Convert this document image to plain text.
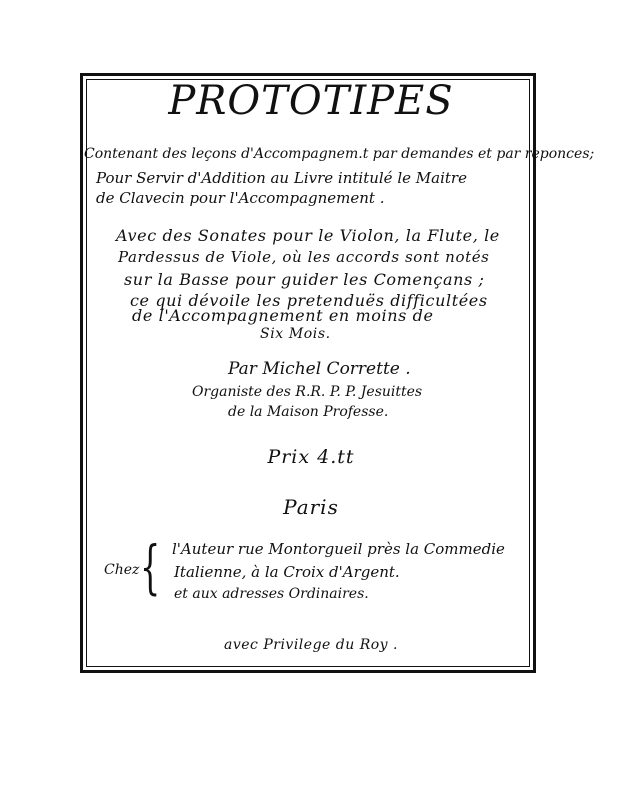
PROTOTIPES
Contenant des leçons d'Accompagnem.t par demandes et par reponces;
Pour Servir d'Addition au Livre intitulé le Maitre
de Clavecin pour l'Accompagnement .
Avec des Sonates pour le Violon, la Flute, le
Pardessus de Viole, où les accords sont notés
sur la Basse pour guider les Començans ;
ce qui dévoile les pretenduës difficultées
de l'Accompagnement en moins de
Six Mois.
Par Michel Corrette .
Organiste des R.R. P. P. Jesuittes
de la Maison Professe.
Prix 4.tt
Paris
Chez { l'Auteur rue Montorgueil près la Commedie
Italienne, à la Croix d'Argent.
et aux adresses Ordinaires.
avec Privilege du Roy .
